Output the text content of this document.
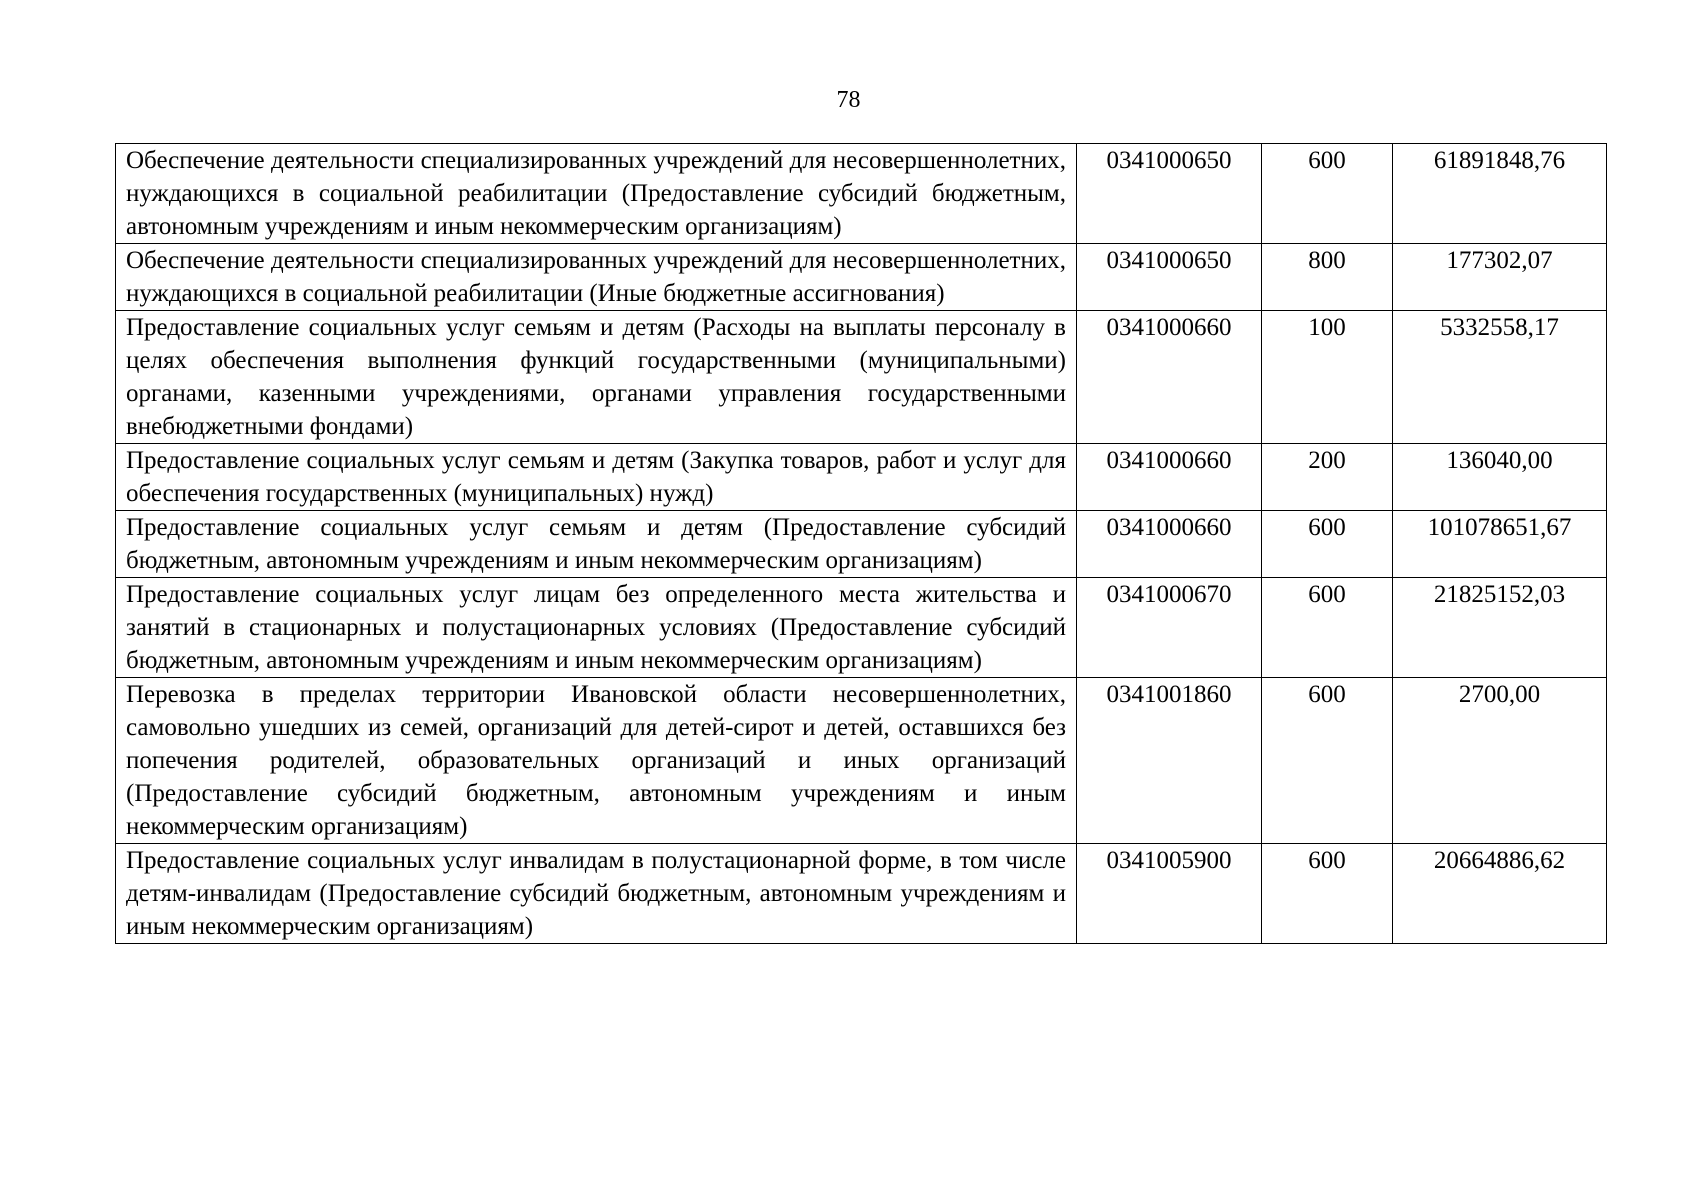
78
Обеспечение деятельности специализированных учреждений для несовершеннолетних, нуждающихся в социальной реабилитации (Предоставление субсидий бюджетным, автономным учреждениям и иным некоммерческим организациям)	0341000650	600	61891848,76
Обеспечение деятельности специализированных учреждений для несовершеннолетних, нуждающихся в социальной реабилитации (Иные бюджетные ассигнования)	0341000650	800	177302,07
Предоставление социальных услуг семьям и детям (Расходы на выплаты персоналу в целях обеспечения выполнения функций государственными (муниципальными) органами, казенными учреждениями, органами управления государственными внебюджетными фондами)	0341000660	100	5332558,17
Предоставление социальных услуг семьям и детям (Закупка товаров, работ и услуг для обеспечения государственных (муниципальных) нужд)	0341000660	200	136040,00
Предоставление социальных услуг семьям и детям (Предоставление субсидий бюджетным, автономным учреждениям и иным некоммерческим организациям)	0341000660	600	101078651,67
Предоставление социальных услуг лицам без определенного места жительства и занятий в стационарных и полустационарных условиях (Предоставление субсидий бюджетным, автономным учреждениям и иным некоммерческим организациям)	0341000670	600	21825152,03
Перевозка в пределах территории Ивановской области несовершеннолетних, самовольно ушедших из семей, организаций для детей-сирот и детей, оставшихся без попечения родителей, образовательных организаций и иных организаций (Предоставление субсидий бюджетным, автономным учреждениям и иным некоммерческим организациям)	0341001860	600	2700,00
Предоставление социальных услуг инвалидам в полустационарной форме, в том числе детям-инвалидам (Предоставление субсидий бюджетным, автономным учреждениям и иным некоммерческим организациям)	0341005900	600	20664886,62
